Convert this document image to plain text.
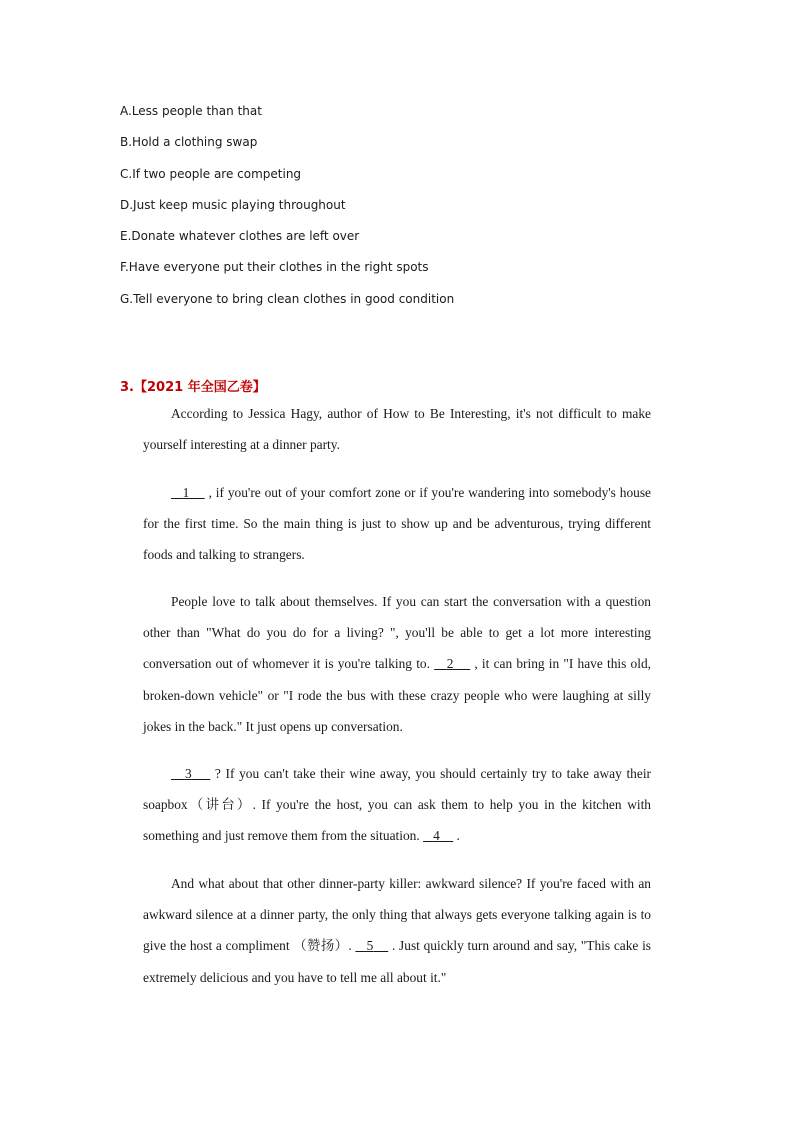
A.Less people than that
B.Hold a clothing swap
C.If two people are competing
D.Just keep music playing throughout
E.Donate whatever clothes are left over
F.Have everyone put their clothes in the right spots
G.Tell everyone to bring clean clothes in good condition
3.【2021 年全国乙卷】
According to Jessica Hagy, author of How to Be Interesting, it's not difficult to make yourself interesting at a dinner party.
1     , if you're out of your comfort zone or if you're wandering into somebody's house for the first time. So the main thing is just to show up and be adventurous, trying different foods and talking to strangers.
People love to talk about themselves. If you can start the conversation with a question other than "What do you do for a living? ", you'll be able to get a lot more interesting conversation out of whomever it is you're talking to.    2     , it can bring in "I have this old, broken-down vehicle" or "I rode the bus with these crazy people who were laughing at silly jokes in the back." It just opens up conversation.
3     ? If you can't take their wine away, you should certainly try to take away their soapbox（讲台）. If you're the host, you can ask them to help you in the kitchen with something and just remove them from the situation.    4     .
And what about that other dinner-party killer: awkward silence? If you're faced with an awkward silence at a dinner party, the only thing that always gets everyone talking again is to give the host a compliment （赞扬）.    5     . Just quickly turn around and say, "This cake is extremely delicious and you have to tell me all about it."
